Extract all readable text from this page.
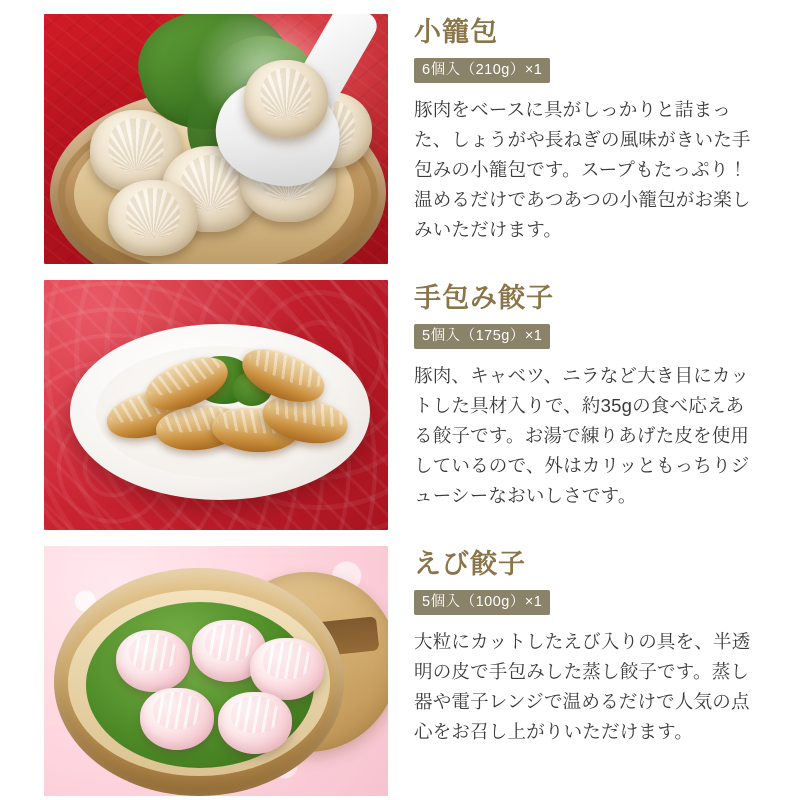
小籠包
6個入（210g）×1

豚肉をベースに具がしっかりと詰まった、しょうがや長ねぎの風味がきいた手包みの小籠包です。スープもたっぷり！温めるだけであつあつの小籠包がお楽しみいただけます。

手包み餃子
5個入（175g）×1

豚肉、キャベツ、ニラなど大き目にカットした具材入りで、約35gの食べ応えある餃子です。お湯で練りあげた皮を使用しているので、外はカリッともっちりジューシーなおいしさです。

えび餃子
5個入（100g）×1

大粒にカットしたえび入りの具を、半透明の皮で手包みした蒸し餃子です。蒸し器や電子レンジで温めるだけで人気の点心をお召し上がりいただけます。
